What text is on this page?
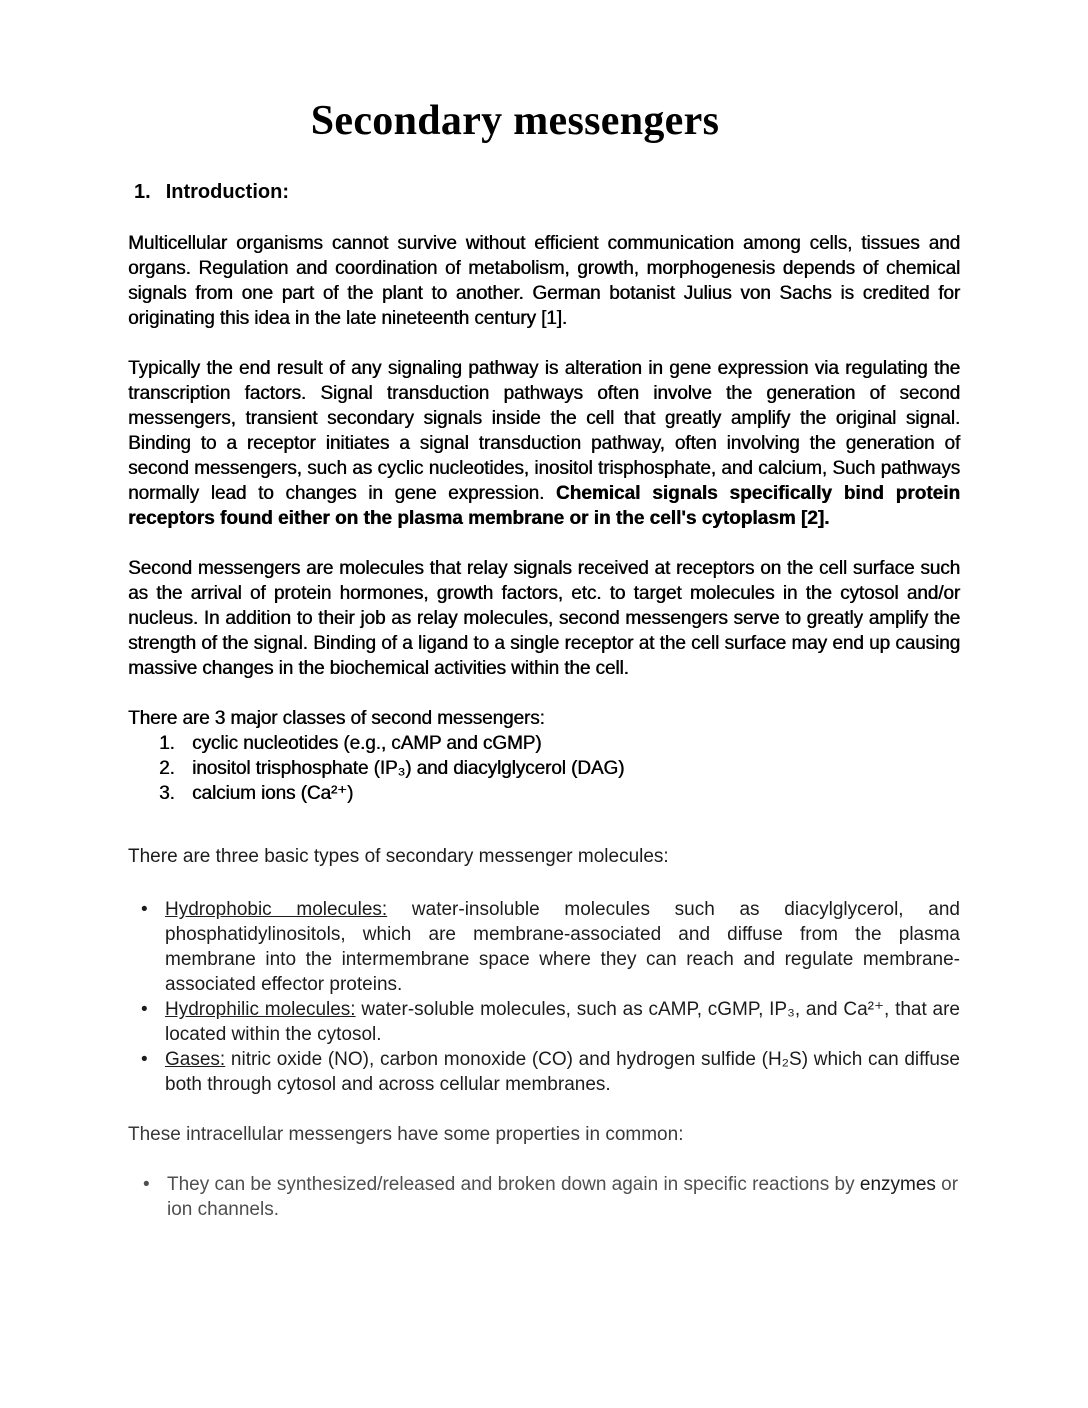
Secondary messengers
1. Introduction:

Multicellular organisms cannot survive without efficient communication among cells, tissues and organs. Regulation and coordination of metabolism, growth, morphogenesis depends of chemical signals from one part of the plant to another. German botanist Julius von Sachs is credited for originating this idea in the late nineteenth century [1].

Typically the end result of any signaling pathway is alteration in gene expression via regulating the transcription factors. Signal transduction pathways often involve the generation of second messengers, transient secondary signals inside the cell that greatly amplify the original signal. Binding to a receptor initiates a signal transduction pathway, often involving the generation of second messengers, such as cyclic nucleotides, inositol trisphosphate, and calcium, Such pathways normally lead to changes in gene expression. Chemical signals specifically bind protein receptors found either on the plasma membrane or in the cell's cytoplasm [2].

Second messengers are molecules that relay signals received at receptors on the cell surface such as the arrival of protein hormones, growth factors, etc. to target molecules in the cytosol and/or nucleus. In addition to their job as relay molecules, second messengers serve to greatly amplify the strength of the signal. Binding of a ligand to a single receptor at the cell surface may end up causing massive changes in the biochemical activities within the cell.

There are 3 major classes of second messengers:

1. cyclic nucleotides (e.g., cAMP and cGMP)
2. inositol trisphosphate (IP₃) and diacylglycerol (DAG)
3. calcium ions (Ca²⁺)

There are three basic types of secondary messenger molecules:

• Hydrophobic molecules: water-insoluble molecules such as diacylglycerol, and phosphatidylinositols, which are membrane-associated and diffuse from the plasma membrane into the intermembrane space where they can reach and regulate membrane-associated effector proteins.
• Hydrophilic molecules: water-soluble molecules, such as cAMP, cGMP, IP₃, and Ca²⁺, that are located within the cytosol.
• Gases: nitric oxide (NO), carbon monoxide (CO) and hydrogen sulfide (H₂S) which can diffuse both through cytosol and across cellular membranes.

These intracellular messengers have some properties in common:

• They can be synthesized/released and broken down again in specific reactions by enzymes or ion channels.
